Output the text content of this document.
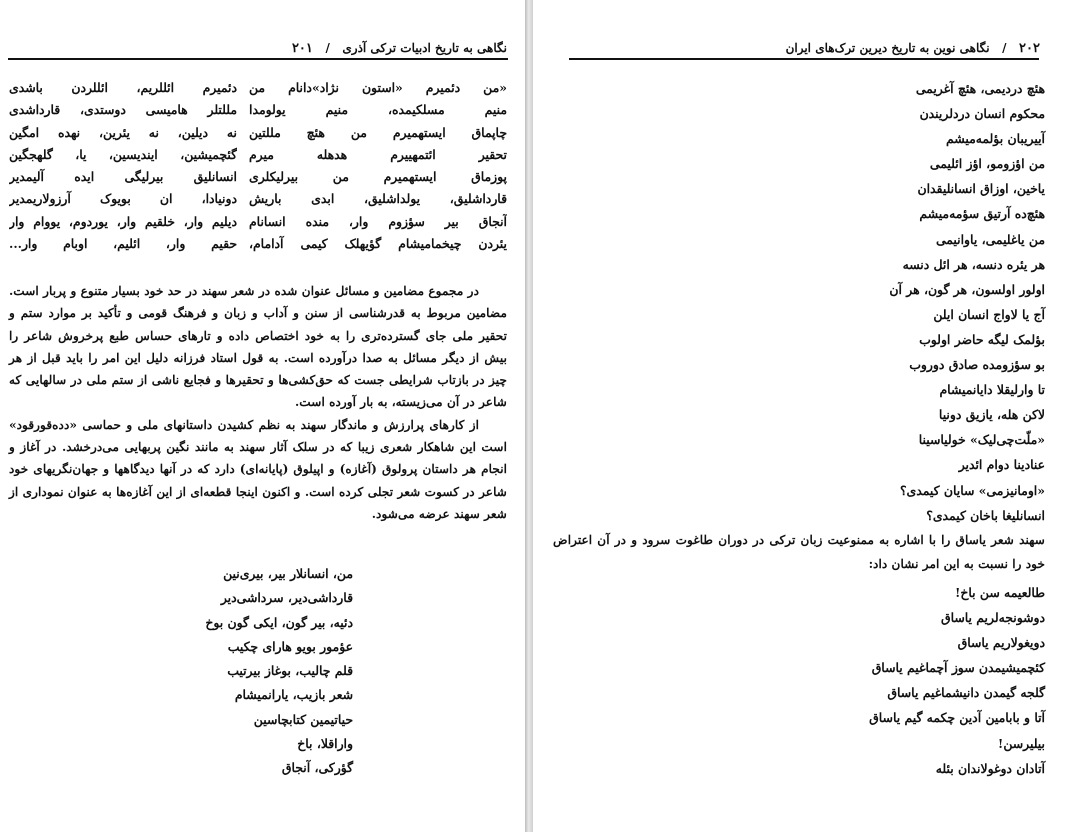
نگاهی به تاریخ ادبیات ترکی آذری   /   ۲۰۱
«من دئمیرم «استون نژاد»دانام من
دئمیرم ائللریم، ائللردن باشدی
منیم مسلکیمده، منیم یولومدا
مللتلر هامیسی دوستدی، قارداشدی
چاپماق ایستهمیرم من هئچ مللتین
نه دیلین، نه یئرین، نهده امگین
تحقیر ائتمهییرم هدهله میرم
گئچمیشین، ایندیسین، یا، گلهجگین
پوزماق ایستهمیرم من بیرلیکلری
انسانلیق بیرلیگی ایده آلیمدیر
قارداشلیق، یولداشلیق، ابدی باریش
دونیادا، ان بویوک آرزولاریمدیر
آنجاق بیر سؤزوم وار، منده انسانام
دیلیم وار، خلقیم وار، یوردوم، یووام وار
یئردن چیخمامیشام گؤیهلک کیمی آدامام،
حقیم وار، ائلیم، اوبام وار...

در مجموع مضامین و مسائل عنوان شده در شعر سهند در حد خود بسیار متنوع و پربار است. مضامین مربوط به قدرشناسی از سنن و آداب و زبان و فرهنگ قومی و تأکید بر موارد ستم و تحقیر ملی جای گسترده‌تری را به خود اختصاص داده و تارهای حساس طبع پرخروش شاعر را بیش از دیگر مسائل به صدا درآورده است. به قول استاد فرزانه دلیل این امر را باید قبل از هر چیز در بازتاب شرایطی جست که حق‌کشی‌ها و تحقیرها و فجایع ناشی از ستم ملی در سالهایی که شاعر در آن می‌زیسته، به بار آورده است.

از کارهای پرارزش و ماندگار سهند به نظم کشیدن داستانهای ملی و حماسی «دده‌قورقود» است این شاهکار شعری زیبا که در سلک آثار سهند به مانند نگین پربهایی می‌درخشد. در آغاز و انجام هر داستان پرولوق (آغازه) و اپیلوق (پایانه‌ای) دارد که در آنها دیدگاهها و جهان‌نگریهای خود شاعر در کسوت شعر تجلی کرده است. و اکنون اینجا قطعه‌ای از این آغازه‌ها به عنوان نموداری از شعر سهند عرضه می‌شود.

من، انسانلار بیر، بیری‌نین
قارداشی‌دیر، سرداشی‌دیر
دئیه، بیر گون، ایکی گون بوخ
عؤمور بویو هارای چکیب
قلم چالیب، بوغاز بیرتیب
شعر بازیب، یارانمیشام
حیاتیمین کتابچاسین
واراقلا، باخ
گؤرکی، آنجاق
۲۰۲   /   نگاهی نوین به تاریخ دیرین ترک‌های ایران
هئچ دردیمی، هئچ آغریمی
محکوم انسان دردلریندن
آییریبان بؤلمه‌میشم
من اؤزومو، اؤز ائلیمی
یاخین، اوزاق انسانلیقدان
هئچ‌ده آرتیق سؤمه‌میشم
من یاغلیمی، یاوانیمی
هر یئره دنسه، هر ائل دنسه
اولور اولسون، هر گون، هر آن
آج یا لاواج انسان ایلن
بؤلمک لیگه حاضر اولوب
بو سؤزومده صادق دوروب
تا وارلیقلا دایانمیشام
لاکن هله، یازیق دونیا
«ملّت‌چی‌لیک» خولیاسینا
عنادینا دوام ائدیر
«اومانیزمی» سایان کیمدی؟
انسانلیغا باخان کیمدی؟
سهند شعر یاساق را با اشاره به ممنوعیت زبان ترکی در دوران طاغوت سرود و در آن اعتراض خود را نسبت به این امر نشان داد:
طالعیمه سن باخ!
دوشونجه‌لریم یاساق
دویغولاریم یاساق
کئچمیشیمدن سوز آچماغیم یاساق
گلجه گیمدن دانیشماغیم یاساق
آتا و بابامین آدین چکمه گیم یاساق
بیلیرسن!
آتادان دوغولاندان بئله
